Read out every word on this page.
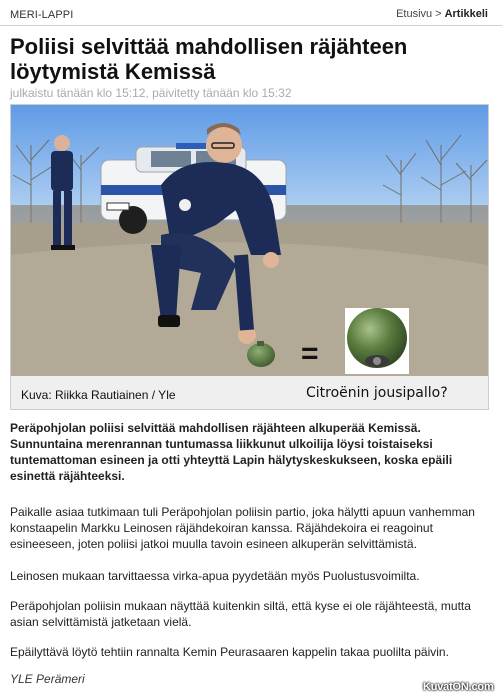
MERI-LAPPI	Etusivu > Artikkeli
Poliisi selvittää mahdollisen räjähteen löytymistä Kemissä
julkaistu tänään klo 15:12, päivitetty tänään klo 15:32
=
Kuva: Riikka Rautiainen / Yle	Citroënin jousipallo?

Peräpohjolan poliisi selvittää mahdollisen räjähteen alkuperää Kemissä. Sunnuntaina merenrannan tuntumassa liikkunut ulkoilija löysi toistaiseksi tuntemattoman esineen ja otti yhteyttä Lapin hälytyskeskukseen, koska epäili esinettä räjähteeksi.

Paikalle asiaa tutkimaan tuli Peräpohjolan poliisin partio, joka hälytti apuun vanhemman konstaapelin Markku Leinosen räjähdekoiran kanssa. Räjähdekoira ei reagoinut esineeseen, joten poliisi jatkoi muulla tavoin esineen alkuperän selvittämistä.

Leinosen mukaan tarvittaessa virka-apua pyydetään myös Puolustusvoimilta.

Peräpohjolan poliisin mukaan näyttää kuitenkin siltä, että kyse ei ole räjähteestä, mutta asian selvittämistä jatketaan vielä.

Epäilyttävä löytö tehtiin rannalta Kemin Peurasaaren kappelin takaa puolilta päivin.

YLE Perämeri
KuvatON.com
